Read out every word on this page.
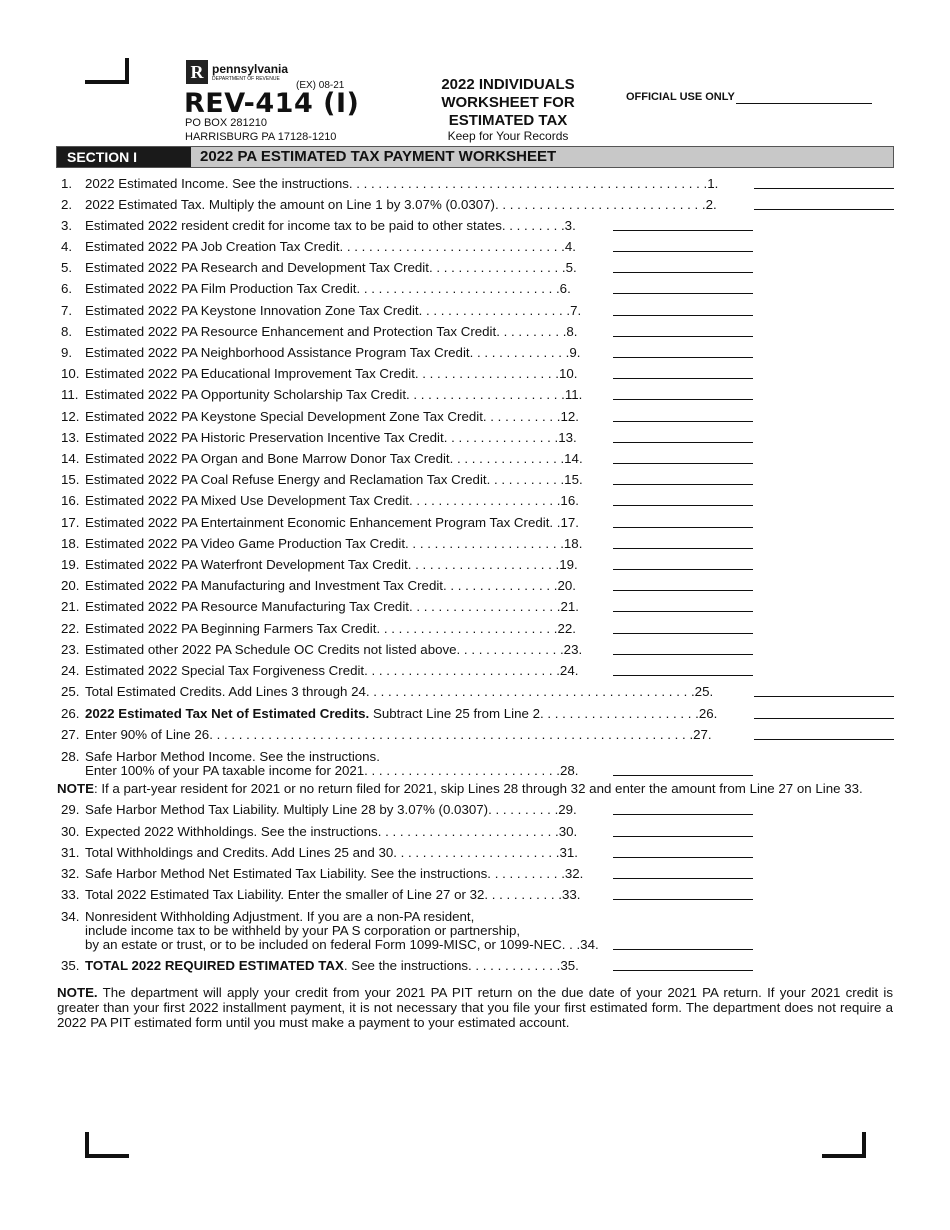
R pennsylvania
DEPARTMENT OF REVENUE
(EX) 08-21
REV-414 (I)
PO BOX 281210
HARRISBURG PA 17128-1210
2022 INDIVIDUALS
WORKSHEET FOR
ESTIMATED TAX
Keep for Your Records
OFFICIAL USE ONLY
SECTION I	2022 PA ESTIMATED TAX PAYMENT WORKSHEET
1. 2022 Estimated Income. See the instructions. . . . . . . . . . . . . . . . . . . . . . . . . . . . . . . . . . . . . . . . . . . . . . . . .1.
2. 2022 Estimated Tax. Multiply the amount on Line 1 by 3.07% (0.0307). . . . . . . . . . . . . . . . . . . . . . . . . . . . .2.
3. Estimated 2022 resident credit for income tax to be paid to other states. . . . . . . . .3.
4. Estimated 2022 PA Job Creation Tax Credit. . . . . . . . . . . . . . . . . . . . . . . . . . . . . . .4.
5. Estimated 2022 PA Research and Development Tax Credit. . . . . . . . . . . . . . . . . . .5.
6. Estimated 2022 PA Film Production Tax Credit. . . . . . . . . . . . . . . . . . . . . . . . . . . .6.
7. Estimated 2022 PA Keystone Innovation Zone Tax Credit. . . . . . . . . . . . . . . . . . . . .7.
8. Estimated 2022 PA Resource Enhancement and Protection Tax Credit. . . . . . . . . .8.
9. Estimated 2022 PA Neighborhood Assistance Program Tax Credit. . . . . . . . . . . . . .9.
10. Estimated 2022 PA Educational Improvement Tax Credit. . . . . . . . . . . . . . . . . . . .10.
11. Estimated 2022 PA Opportunity Scholarship Tax Credit. . . . . . . . . . . . . . . . . . . . . .11.
12. Estimated 2022 PA Keystone Special Development Zone Tax Credit. . . . . . . . . . .12.
13. Estimated 2022 PA Historic Preservation Incentive Tax Credit. . . . . . . . . . . . . . . .13.
14. Estimated 2022 PA Organ and Bone Marrow Donor Tax Credit. . . . . . . . . . . . . . . .14.
15. Estimated 2022 PA Coal Refuse Energy and Reclamation Tax Credit. . . . . . . . . . .15.
16. Estimated 2022 PA Mixed Use Development Tax Credit. . . . . . . . . . . . . . . . . . . . .16.
17. Estimated 2022 PA Entertainment Economic Enhancement Program Tax Credit. .17.
18. Estimated 2022 PA Video Game Production Tax Credit. . . . . . . . . . . . . . . . . . . . . .18.
19. Estimated 2022 PA Waterfront Development Tax Credit. . . . . . . . . . . . . . . . . . . . .19.
20. Estimated 2022 PA Manufacturing and Investment Tax Credit. . . . . . . . . . . . . . . .20.
21. Estimated 2022 PA Resource Manufacturing Tax Credit. . . . . . . . . . . . . . . . . . . . .21.
22. Estimated 2022 PA Beginning Farmers Tax Credit. . . . . . . . . . . . . . . . . . . . . . . . .22.
23. Estimated other 2022 PA Schedule OC Credits not listed above. . . . . . . . . . . . . . .23.
24. Estimated 2022 Special Tax Forgiveness Credit. . . . . . . . . . . . . . . . . . . . . . . . . . .24.
25. Total Estimated Credits. Add Lines 3 through 24. . . . . . . . . . . . . . . . . . . . . . . . . . . . . . . . . . . . . . . . . . . . .25.
26. 2022 Estimated Tax Net of Estimated Credits. Subtract Line 25 from Line 2. . . . . . . . . . . . . . . . . . . . . .26.
27. Enter 90% of Line 26. . . . . . . . . . . . . . . . . . . . . . . . . . . . . . . . . . . . . . . . . . . . . . . . . . . . . . . . . . . . . . . . . .27.
28. Safe Harbor Method Income. See the instructions.
Enter 100% of your PA taxable income for 2021. . . . . . . . . . . . . . . . . . . . . . . . . . .28.
NOTE: If a part-year resident for 2021 or no return filed for 2021, skip Lines 28 through 32 and enter the amount from Line 27 on Line 33.
29. Safe Harbor Method Tax Liability. Multiply Line 28 by 3.07% (0.0307). . . . . . . . . .29.
30. Expected 2022 Withholdings. See the instructions. . . . . . . . . . . . . . . . . . . . . . . . .30.
31. Total Withholdings and Credits. Add Lines 25 and 30. . . . . . . . . . . . . . . . . . . . . . .31.
32. Safe Harbor Method Net Estimated Tax Liability. See the instructions. . . . . . . . . . .32.
33. Total 2022 Estimated Tax Liability. Enter the smaller of Line 27 or 32. . . . . . . . . . .33.
34. Nonresident Withholding Adjustment. If you are a non-PA resident,
include income tax to be withheld by your PA S corporation or partnership,
by an estate or trust, or to be included on federal Form 1099-MISC, or 1099-NEC. . .34.
35. TOTAL 2022 REQUIRED ESTIMATED TAX. See the instructions. . . . . . . . . . . . .35.
NOTE. The department will apply your credit from your 2021 PA PIT return on the due date of your 2021 PA return. If your 2021 credit is greater than your first 2022 installment payment, it is not necessary that you file your first estimated form. The department does not require a 2022 PA PIT estimated form until you must make a payment to your estimated account.
